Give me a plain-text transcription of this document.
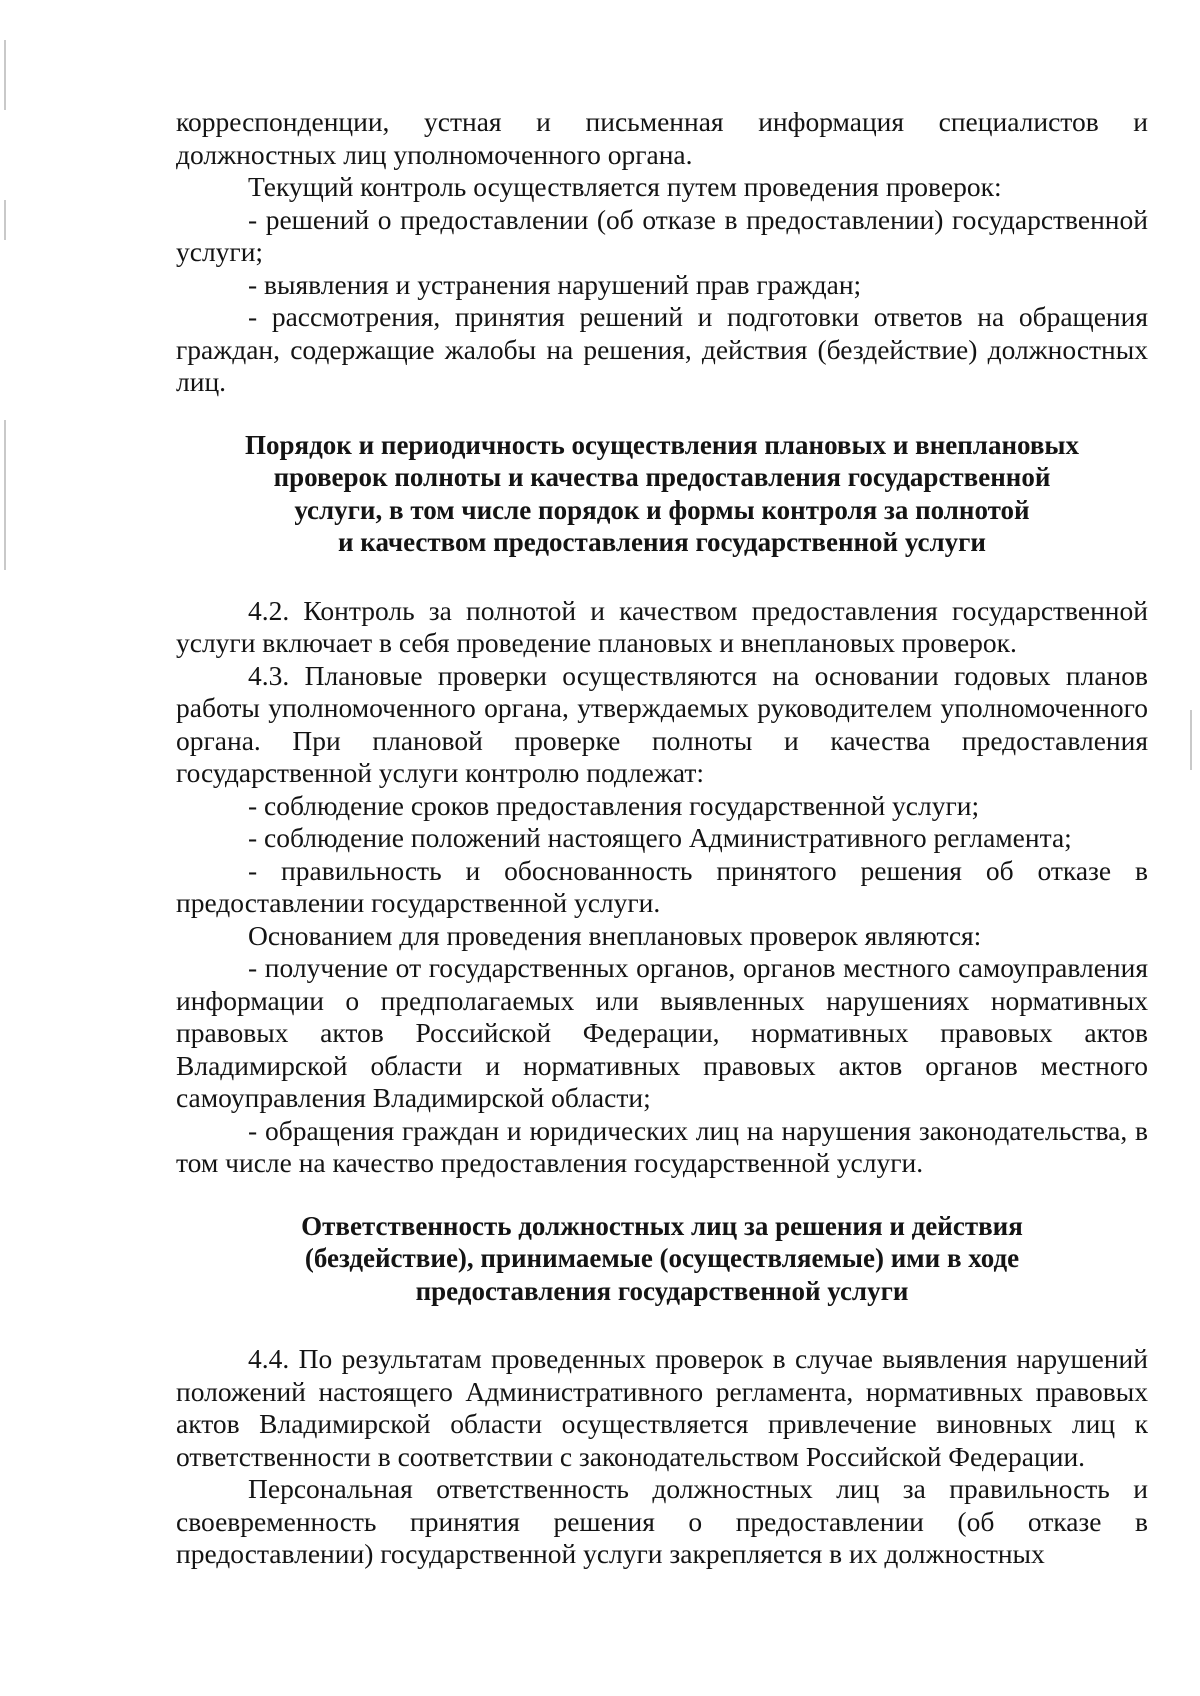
корреспонденции, устная и письменная информация специалистов и должностных лиц уполномоченного органа.

Текущий контроль осуществляется путем проведения проверок:

- решений о предоставлении (об отказе в предоставлении) государственной услуги;

- выявления и устранения нарушений прав граждан;

- рассмотрения, принятия решений и подготовки ответов на обращения граждан, содержащие жалобы на решения, действия (бездействие) должностных лиц.

Порядок и периодичность осуществления плановых и внеплановых

проверок полноты и качества предоставления государственной

услуги, в том числе порядок и формы контроля за полнотой

и качеством предоставления государственной услуги

4.2. Контроль за полнотой и качеством предоставления государственной услуги включает в себя проведение плановых и внеплановых проверок.

4.3. Плановые проверки осуществляются на основании годовых планов работы уполномоченного органа, утверждаемых руководителем уполномоченного органа. При плановой проверке полноты и качества предоставления государственной услуги контролю подлежат:

- соблюдение сроков предоставления государственной услуги;

- соблюдение положений настоящего Административного регламента;

- правильность и обоснованность принятого решения об отказе в предоставлении государственной услуги.

Основанием для проведения внеплановых проверок являются:

- получение от государственных органов, органов местного самоуправления информации о предполагаемых или выявленных нарушениях нормативных правовых актов Российской Федерации, нормативных правовых актов Владимирской области и нормативных правовых актов органов местного самоуправления Владимирской области;

- обращения граждан и юридических лиц на нарушения законодательства, в том числе на качество предоставления государственной услуги.

Ответственность должностных лиц за решения и действия

(бездействие), принимаемые (осуществляемые) ими в ходе

предоставления государственной услуги

4.4. По результатам проведенных проверок в случае выявления нарушений положений настоящего Административного регламента, нормативных правовых актов Владимирской области осуществляется привлечение виновных лиц к ответственности в соответствии с законодательством Российской Федерации.

Персональная ответственность должностных лиц за правильность и своевременность принятия решения о предоставлении (об отказе в предоставлении) государственной услуги закрепляется в их должностных
